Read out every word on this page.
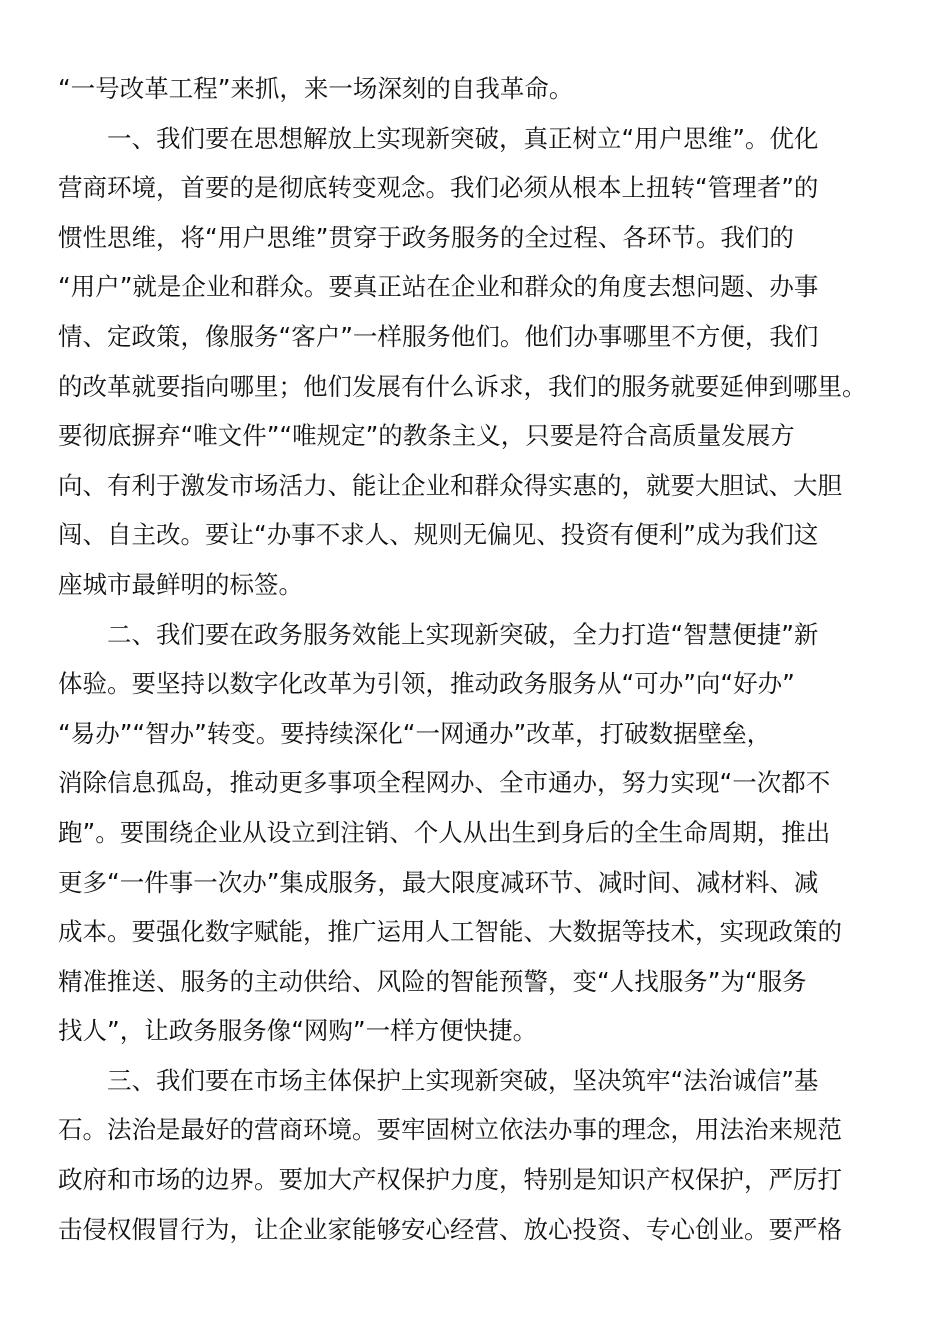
“一号改革工程”来抓，来一场深刻的自我革命。
一、我们要在思想解放上实现新突破，真正树立“用户思维”。优化
营商环境，首要的是彻底转变观念。我们必须从根本上扭转“管理者”的
惯性思维，将“用户思维”贯穿于政务服务的全过程、各环节。我们的
“用户”就是企业和群众。要真正站在企业和群众的角度去想问题、办事
情、定政策，像服务“客户”一样服务他们。他们办事哪里不方便，我们
的改革就要指向哪里；他们发展有什么诉求，我们的服务就要延伸到哪里。
要彻底摒弃“唯文件”“唯规定”的教条主义，只要是符合高质量发展方
向、有利于激发市场活力、能让企业和群众得实惠的，就要大胆试、大胆
闯、自主改。要让“办事不求人、规则无偏见、投资有便利”成为我们这
座城市最鲜明的标签。
二、我们要在政务服务效能上实现新突破，全力打造“智慧便捷”新
体验。要坚持以数字化改革为引领，推动政务服务从“可办”向“好办”
“易办”“智办”转变。要持续深化“一网通办”改革，打破数据壁垒，
消除信息孤岛，推动更多事项全程网办、全市通办，努力实现“一次都不
跑”。要围绕企业从设立到注销、个人从出生到身后的全生命周期，推出
更多“一件事一次办”集成服务，最大限度减环节、减时间、减材料、减
成本。要强化数字赋能，推广运用人工智能、大数据等技术，实现政策的
精准推送、服务的主动供给、风险的智能预警，变“人找服务”为“服务
找人”，让政务服务像“网购”一样方便快捷。
三、我们要在市场主体保护上实现新突破，坚决筑牢“法治诚信”基
石。法治是最好的营商环境。要牢固树立依法办事的理念，用法治来规范
政府和市场的边界。要加大产权保护力度，特别是知识产权保护，严厉打
击侵权假冒行为，让企业家能够安心经营、放心投资、专心创业。要严格
